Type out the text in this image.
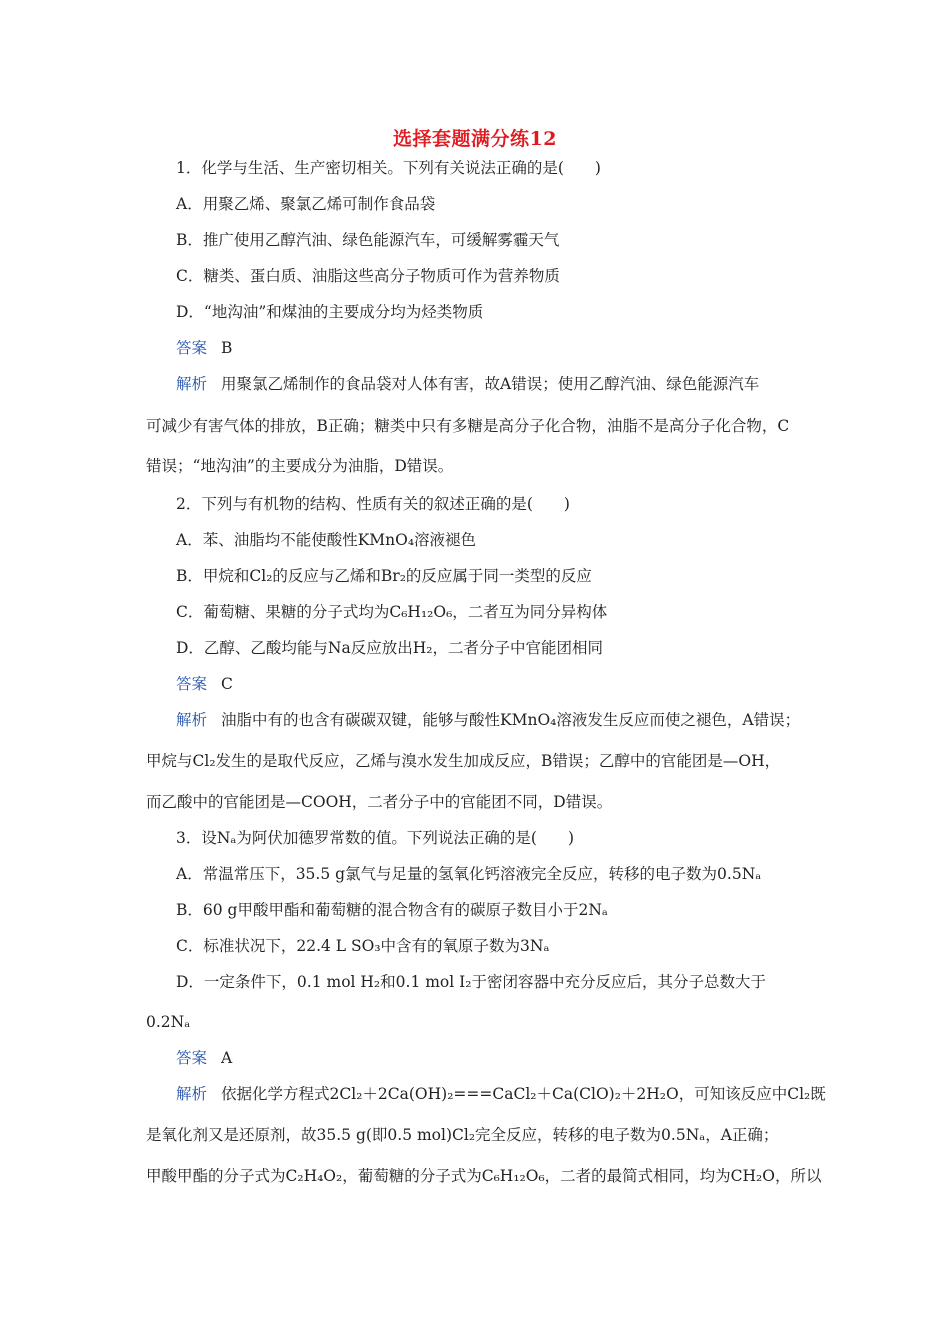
选择套题满分练12
1．化学与生活、生产密切相关。下列有关说法正确的是(　　)
A．用聚乙烯、聚氯乙烯可制作食品袋
B．推广使用乙醇汽油、绿色能源汽车，可缓解雾霾天气
C．糖类、蛋白质、油脂这些高分子物质可作为营养物质
D．“地沟油”和煤油的主要成分均为烃类物质
答案 B
解析 用聚氯乙烯制作的食品袋对人体有害，故A错误；使用乙醇汽油、绿色能源汽车
可减少有害气体的排放，B正确；糖类中只有多糖是高分子化合物，油脂不是高分子化合物，C
错误；“地沟油”的主要成分为油脂，D错误。
2．下列与有机物的结构、性质有关的叙述正确的是(　　)
A．苯、油脂均不能使酸性KMnO₄溶液褪色
B．甲烷和Cl₂的反应与乙烯和Br₂的反应属于同一类型的反应
C．葡萄糖、果糖的分子式均为C₆H₁₂O₆，二者互为同分异构体
D．乙醇、乙酸均能与Na反应放出H₂，二者分子中官能团相同
答案 C
解析 油脂中有的也含有碳碳双键，能够与酸性KMnO₄溶液发生反应而使之褪色，A错误；
甲烷与Cl₂发生的是取代反应，乙烯与溴水发生加成反应，B错误；乙醇中的官能团是—OH，
而乙酸中的官能团是—COOH，二者分子中的官能团不同，D错误。
3．设Nₐ为阿伏加德罗常数的值。下列说法正确的是(　　)
A．常温常压下，35.5 g氯气与足量的氢氧化钙溶液完全反应，转移的电子数为0.5Nₐ
B．60 g甲酸甲酯和葡萄糖的混合物含有的碳原子数目小于2Nₐ
C．标准状况下，22.4 L SO₃中含有的氧原子数为3Nₐ
D．一定条件下，0.1 mol H₂和0.1 mol I₂于密闭容器中充分反应后，其分子总数大于
0.2Nₐ
答案 A
解析 依据化学方程式2Cl₂＋2Ca(OH)₂===CaCl₂＋Ca(ClO)₂＋2H₂O，可知该反应中Cl₂既
是氧化剂又是还原剂，故35.5 g(即0.5 mol)Cl₂完全反应，转移的电子数为0.5Nₐ，A正确；
甲酸甲酯的分子式为C₂H₄O₂，葡萄糖的分子式为C₆H₁₂O₆，二者的最简式相同，均为CH₂O，所以
